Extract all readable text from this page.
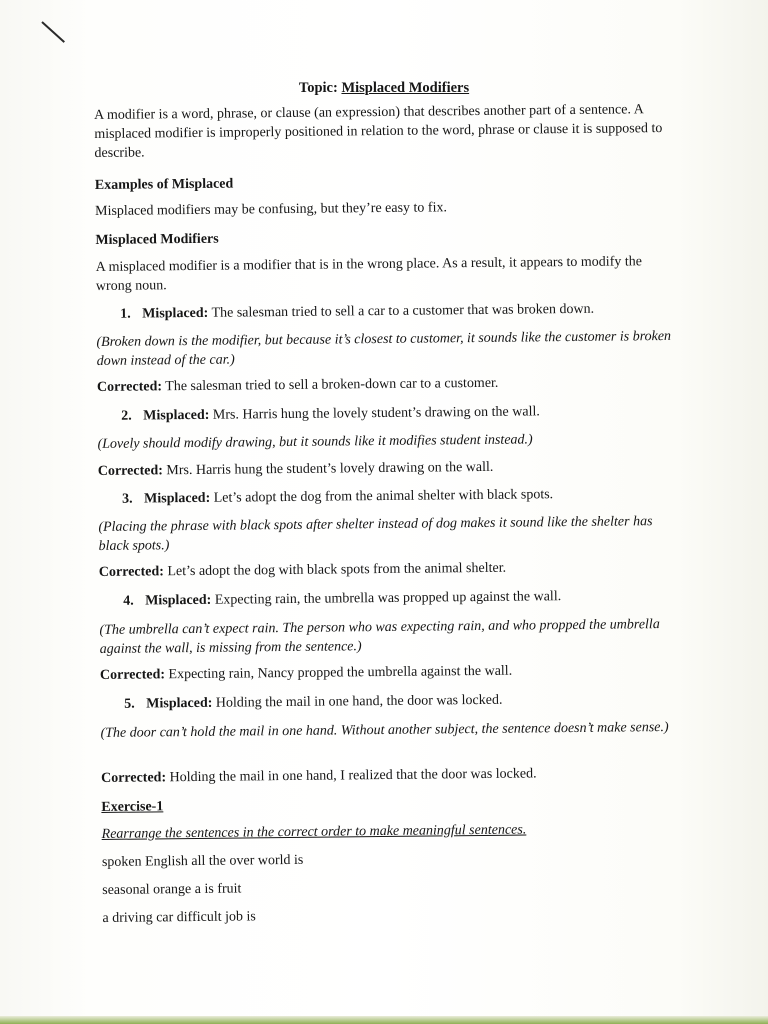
Topic: Misplaced Modifiers

A modifier is a word, phrase, or clause (an expression) that describes another part of a sentence. A misplaced modifier is improperly positioned in relation to the word, phrase or clause it is supposed to describe.

Examples of Misplaced

Misplaced modifiers may be confusing, but they’re easy to fix.

Misplaced Modifiers

A misplaced modifier is a modifier that is in the wrong place. As a result, it appears to modify the wrong noun.

1. Misplaced: The salesman tried to sell a car to a customer that was broken down.

(Broken down is the modifier, but because it’s closest to customer, it sounds like the customer is broken down instead of the car.)

Corrected: The salesman tried to sell a broken-down car to a customer.

2. Misplaced: Mrs. Harris hung the lovely student’s drawing on the wall.

(Lovely should modify drawing, but it sounds like it modifies student instead.)

Corrected: Mrs. Harris hung the student’s lovely drawing on the wall.

3. Misplaced: Let’s adopt the dog from the animal shelter with black spots.

(Placing the phrase with black spots after shelter instead of dog makes it sound like the shelter has black spots.)

Corrected: Let’s adopt the dog with black spots from the animal shelter.

4. Misplaced: Expecting rain, the umbrella was propped up against the wall.

(The umbrella can’t expect rain. The person who was expecting rain, and who propped the umbrella against the wall, is missing from the sentence.)

Corrected: Expecting rain, Nancy propped the umbrella against the wall.

5. Misplaced: Holding the mail in one hand, the door was locked.

(The door can’t hold the mail in one hand. Without another subject, the sentence doesn’t make sense.)

Corrected: Holding the mail in one hand, I realized that the door was locked.

Exercise-1

Rearrange the sentences in the correct order to make meaningful sentences.

spoken English all the over world is

seasonal orange a is fruit

a driving car difficult job is
